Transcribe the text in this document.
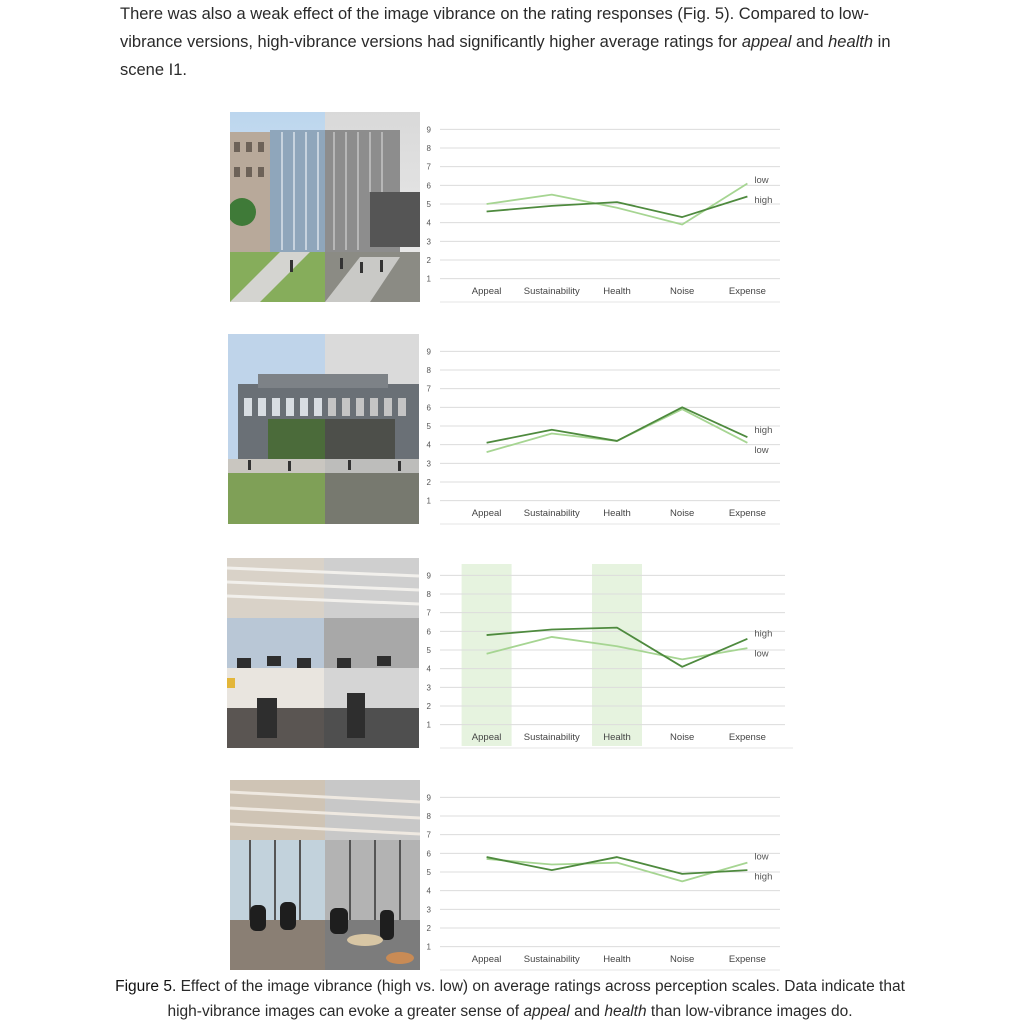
There was also a weak effect of the image vibrance on the rating responses (Fig. 5). Compared to low-vibrance versions, high-vibrance versions had significantly higher average ratings for appeal and health in scene I1.

1
2
3
4
5
6
7
8
9
Appeal Sustainability Health	Noise	Expense
low
high
1
2
3
4
5
6
7
8
9
Appeal Sustainability Health	Noise	Expense
high
low
1
2
3
4
5
6
7
8
9
Appeal Sustainability Health	Noise	Expense
high
low
1
2
3
4
5
6
7
8
9
Appeal Sustainability Health	Noise	Expense
low
high

Figure 5. Effect of the image vibrance (high vs. low) on average ratings across perception scales. Data indicate that high-vibrance images can evoke a greater sense of appeal and health than low-vibrance images do.
